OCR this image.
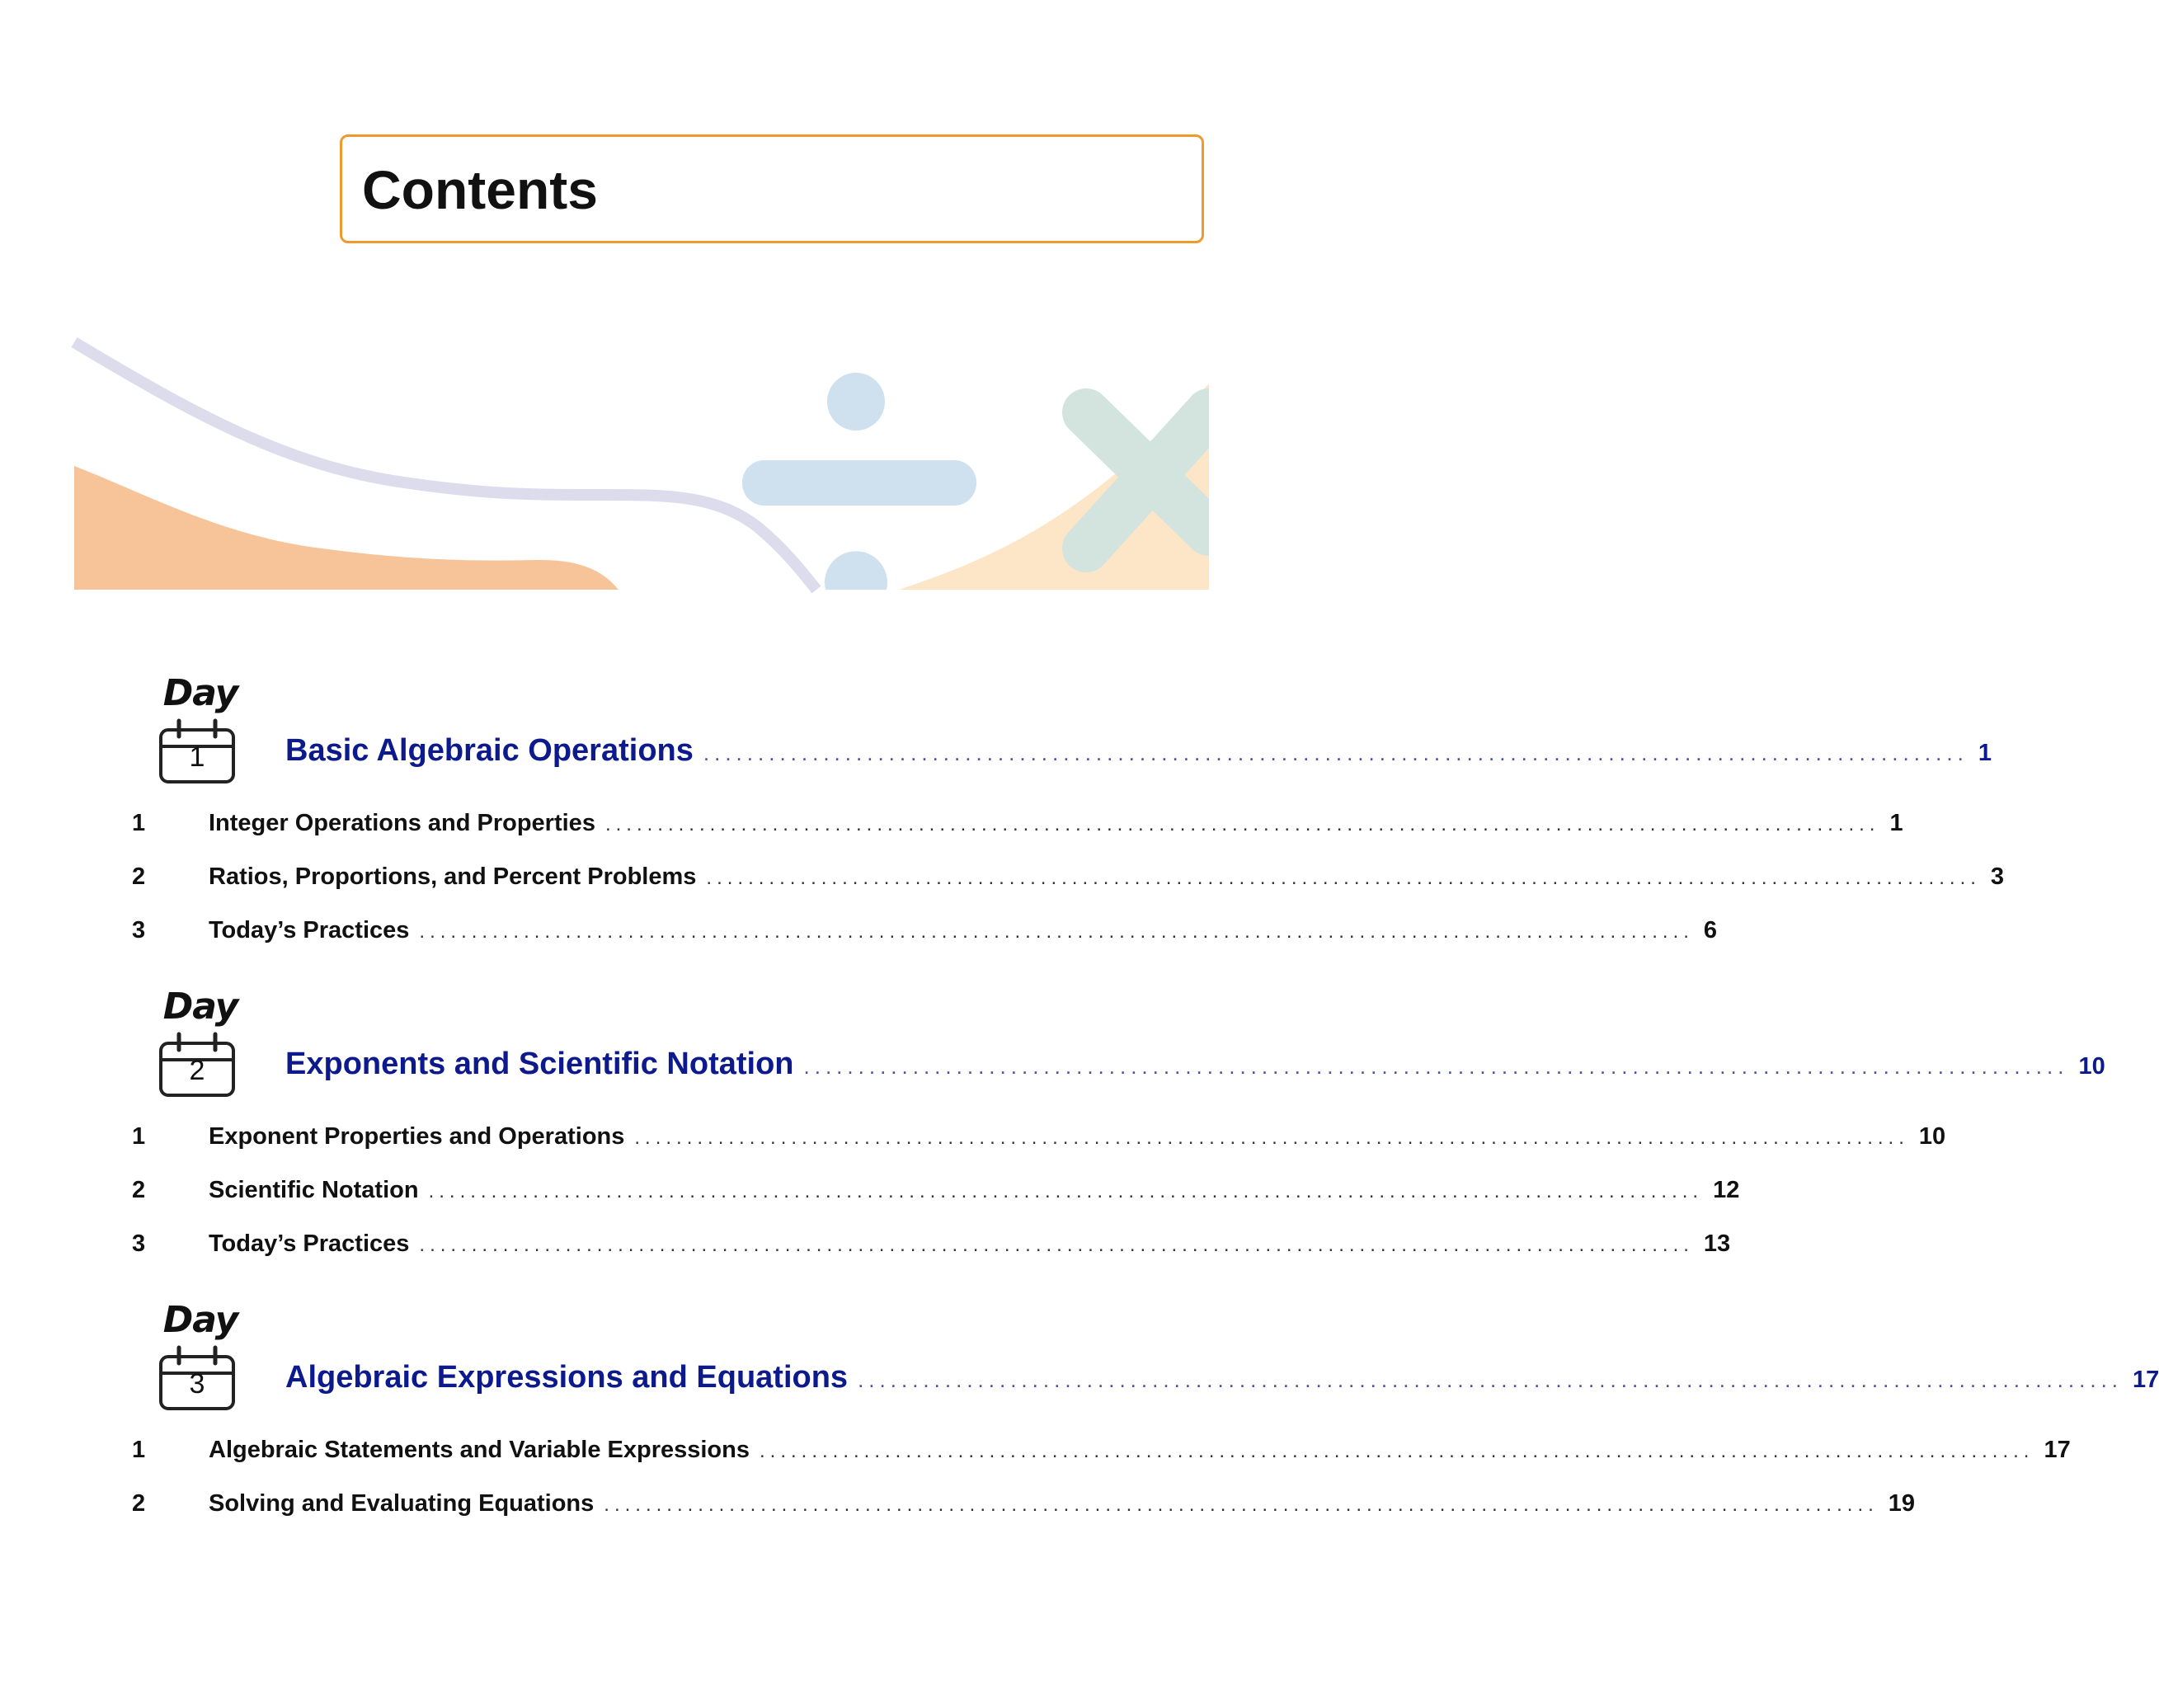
Contents
Day
1	Basic Algebraic Operations .................................................................................................................... 1
1	Integer Operations and Properties .......................................................................................................................... 1
2	Ratios, Proportions, and Percent Problems .......................................................................................................................... 3
3	Today’s Practices .......................................................................................................................... 6
Day
2	Exponents and Scientific Notation .................................................................................................................... 10
1	Exponent Properties and Operations .......................................................................................................................... 10
2	Scientific Notation .......................................................................................................................... 12
3	Today’s Practices .......................................................................................................................... 13
Day
3	Algebraic Expressions and Equations .................................................................................................................... 17
1	Algebraic Statements and Variable Expressions .......................................................................................................................... 17
2	Solving and Evaluating Equations .......................................................................................................................... 19
